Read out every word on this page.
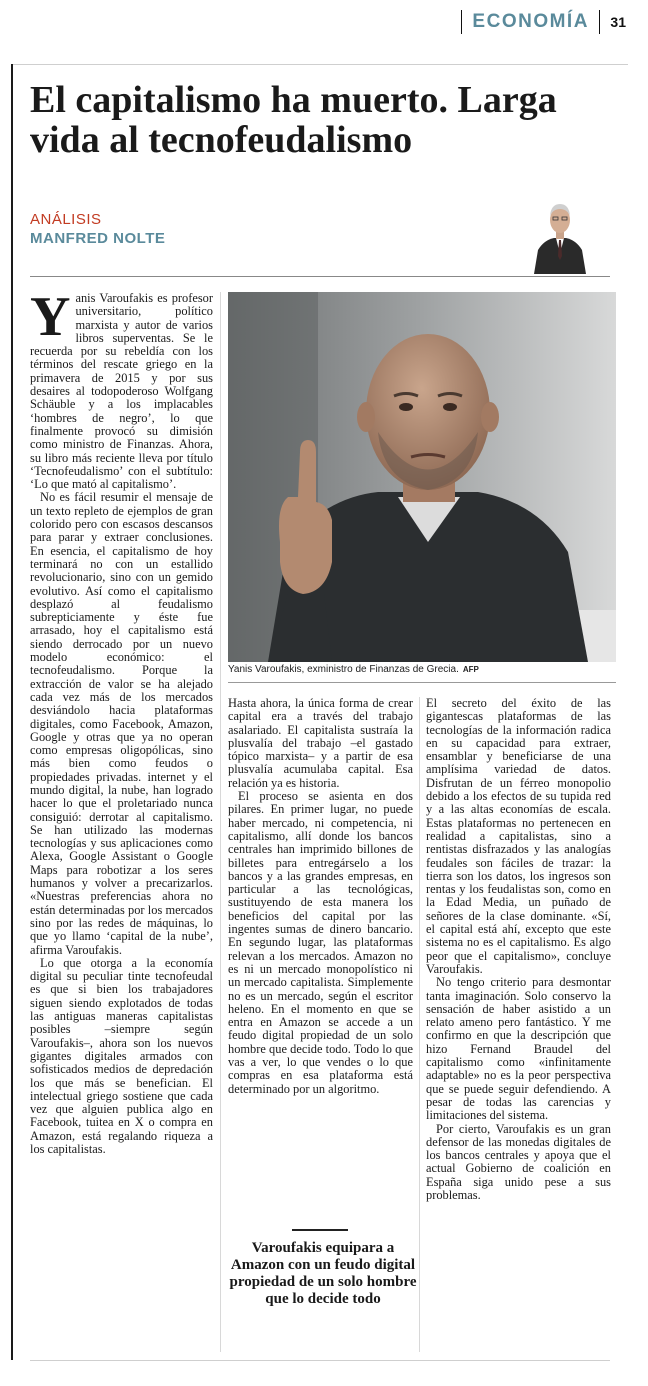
ECONOMÍA	31
El capitalismo ha muerto. Larga vida al tecnofeudalismo
ANÁLISIS
MANFRED NOLTE

Yanis Varoufakis es profesor universitario, político marxista y autor de varios libros superventas. Se le recuerda por su rebeldía con los términos del rescate griego en la primavera de 2015 y por sus desaires al todopoderoso Wolfgang Schäuble y a los implacables ‘hombres de negro’, lo que finalmente provocó su dimisión como ministro de Finanzas. Ahora, su libro más reciente lleva por título ‘Tecnofeudalismo’ con el subtítulo: ‘Lo que mató al capitalismo’.

No es fácil resumir el mensaje de un texto repleto de ejemplos de gran colorido pero con escasos descansos para parar y extraer conclusiones. En esencia, el capitalismo de hoy terminará no con un estallido revolucionario, sino con un gemido evolutivo. Así como el capitalismo desplazó al feudalismo subrepticiamente y éste fue arrasado, hoy el capitalismo está siendo derrocado por un nuevo modelo económico: el tecnofeudalismo. Porque la extracción de valor se ha alejado cada vez más de los mercados desviándolo hacia plataformas digitales, como Facebook, Amazon, Google y otras que ya no operan como empresas oligopólicas, sino más bien como feudos o propiedades privadas. internet y el mundo digital, la nube, han logrado hacer lo que el proletariado nunca consiguió: derrotar al capitalismo. Se han utilizado las modernas tecnologías y sus aplicaciones como Alexa, Google Assistant o Google Maps para robotizar a los seres humanos y volver a precarizarlos. «Nuestras preferencias ahora no están determinadas por los mercados sino por las redes de máquinas, lo que yo llamo ‘capital de la nube’, afirma Varoufakis.

Lo que otorga a la economía digital su peculiar tinte tecnofeudal es que si bien los trabajadores siguen siendo explotados de todas las antiguas maneras capitalistas posibles –siempre según Varoufakis–, ahora son los nuevos gigantes digitales armados con sofisticados medios de depredación los que más se benefician. El intelectual griego sostiene que cada vez que alguien publica algo en Facebook, tuitea en X o compra en Amazon, está regalando riqueza a los capitalistas.

Yanis Varoufakis, exministro de Finanzas de Grecia. AFP

Hasta ahora, la única forma de crear capital era a través del trabajo asalariado. El capitalista sustraía la plusvalía del trabajo –el gastado tópico marxista– y a partir de esa plusvalía acumulaba capital. Esa relación ya es historia.

El proceso se asienta en dos pilares. En primer lugar, no puede haber mercado, ni competencia, ni capitalismo, allí donde los bancos centrales han imprimido billones de billetes para entregárselo a los bancos y a las grandes empresas, en particular a las tecnológicas, sustituyendo de esta manera los beneficios del capital por las ingentes sumas de dinero bancario. En segundo lugar, las plataformas relevan a los mercados. Amazon no es ni un mercado monopolístico ni un mercado capitalista. Simplemente no es un mercado, según el escritor heleno. En el momento en que se entra en Amazon se accede a un feudo digital propiedad de un solo hombre que decide todo. Todo lo que vas a ver, lo que vendes o lo que compras en esa plataforma está determinado por un algoritmo.

Varoufakis equipara a Amazon con un feudo digital propiedad de un solo hombre que lo decide todo

El secreto del éxito de las gigantescas plataformas de las tecnologías de la información radica en su capacidad para extraer, ensamblar y beneficiarse de una amplísima variedad de datos. Disfrutan de un férreo monopolio debido a los efectos de su tupida red y a las altas economías de escala. Estas plataformas no pertenecen en realidad a capitalistas, sino a rentistas disfrazados y las analogías feudales son fáciles de trazar: la tierra son los datos, los ingresos son rentas y los feudalistas son, como en la Edad Media, un puñado de señores de la clase dominante. «Sí, el capital está ahí, excepto que este sistema no es el capitalismo. Es algo peor que el capitalismo», concluye Varoufakis.

No tengo criterio para desmontar tanta imaginación. Solo conservo la sensación de haber asistido a un relato ameno pero fantástico. Y me confirmo en que la descripción que hizo Fernand Braudel del capitalismo como «infinitamente adaptable» no es la peor perspectiva que se puede seguir defendiendo. A pesar de todas las carencias y limitaciones del sistema.

Por cierto, Varoufakis es un gran defensor de las monedas digitales de los bancos centrales y apoya que el actual Gobierno de coalición en España siga unido pese a sus problemas.
